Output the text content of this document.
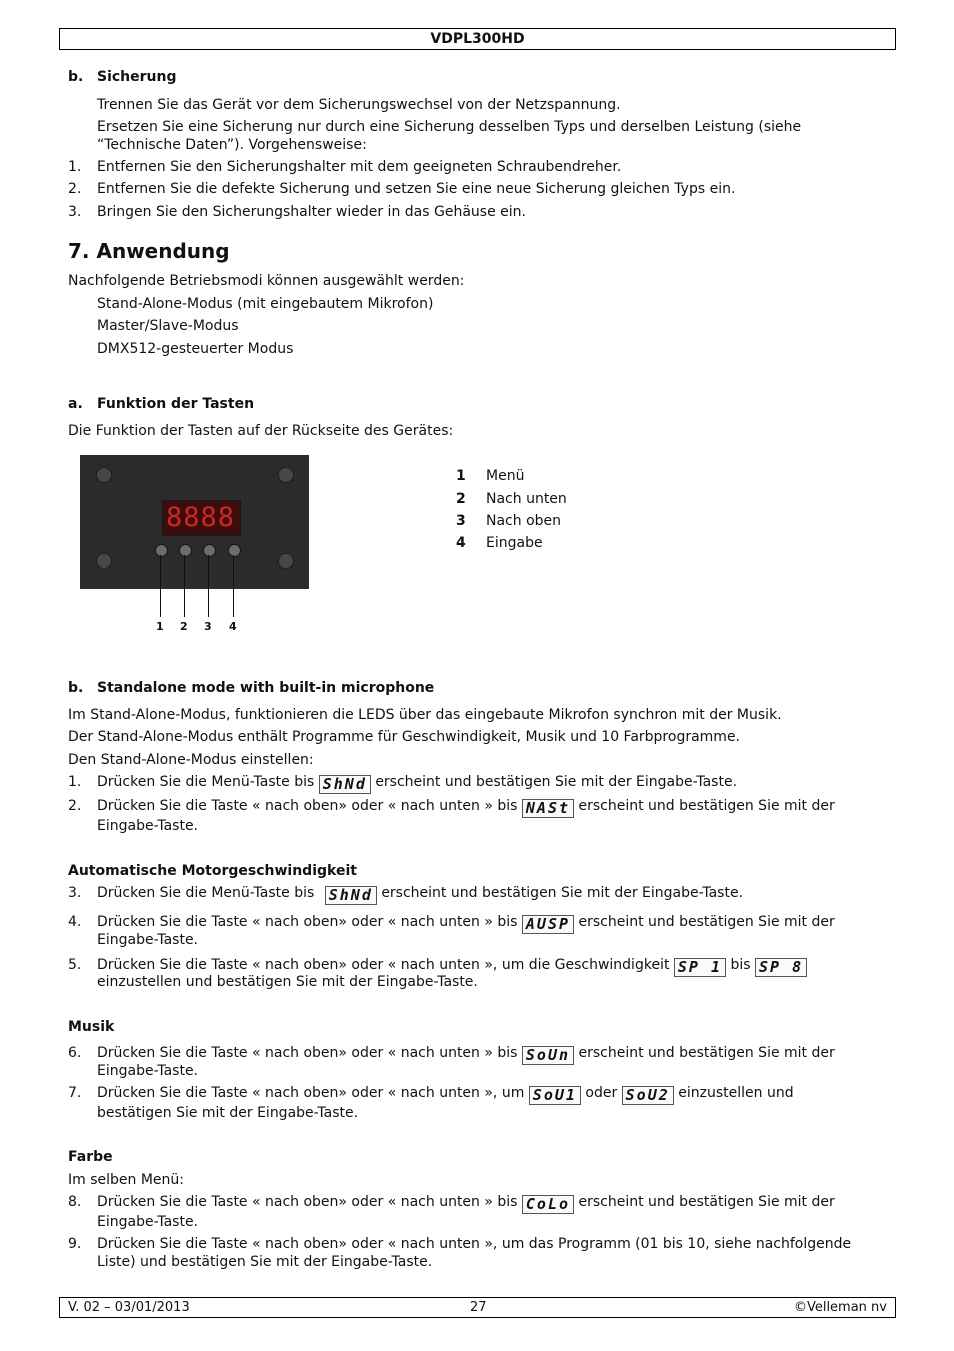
VDPL300HD
b. Sicherung
Trennen Sie das Gerät vor dem Sicherungswechsel von der Netzspannung.
Ersetzen Sie eine Sicherung nur durch eine Sicherung desselben Typs und derselben Leistung (siehe
“Technische Daten”). Vorgehensweise:
1. Entfernen Sie den Sicherungshalter mit dem geeigneten Schraubendreher.
2. Entfernen Sie die defekte Sicherung und setzen Sie eine neue Sicherung gleichen Typs ein.
3. Bringen Sie den Sicherungshalter wieder in das Gehäuse ein.
7. Anwendung
Nachfolgende Betriebsmodi können ausgewählt werden:
Stand-Alone-Modus (mit eingebautem Mikrofon)
Master/Slave-Modus
DMX512-gesteuerter Modus
a. Funktion der Tasten
Die Funktion der Tasten auf der Rückseite des Gerätes:
8888
1 2 3 4
1 Menü
2 Nach unten
3 Nach oben
4 Eingabe
b. Standalone mode with built-in microphone
Im Stand-Alone-Modus, funktionieren die LEDS über das eingebaute Mikrofon synchron mit der Musik.
Der Stand-Alone-Modus enthält Programme für Geschwindigkeit, Musik und 10 Farbprogramme.
Den Stand-Alone-Modus einstellen:
1. Drücken Sie die Menü-Taste bis ShNd erscheint und bestätigen Sie mit der Eingabe-Taste.
2. Drücken Sie die Taste « nach oben» oder « nach unten » bis NASt erscheint und bestätigen Sie mit der
Eingabe-Taste.
Automatische Motorgeschwindigkeit
3. Drücken Sie die Menü-Taste bis ShNd erscheint und bestätigen Sie mit der Eingabe-Taste.
4. Drücken Sie die Taste « nach oben» oder « nach unten » bis AUSP erscheint und bestätigen Sie mit der
Eingabe-Taste.
5. Drücken Sie die Taste « nach oben» oder « nach unten », um die Geschwindigkeit SP 1 bis SP 8
einzustellen und bestätigen Sie mit der Eingabe-Taste.
Musik
6. Drücken Sie die Taste « nach oben» oder « nach unten » bis SoUn erscheint und bestätigen Sie mit der
Eingabe-Taste.
7. Drücken Sie die Taste « nach oben» oder « nach unten », um SoU1 oder SoU2 einzustellen und
bestätigen Sie mit der Eingabe-Taste.
Farbe
Im selben Menü:
8. Drücken Sie die Taste « nach oben» oder « nach unten » bis CoLo erscheint und bestätigen Sie mit der
Eingabe-Taste.
9. Drücken Sie die Taste « nach oben» oder « nach unten », um das Programm (01 bis 10, siehe nachfolgende
Liste) und bestätigen Sie mit der Eingabe-Taste.
V. 02 – 03/01/2013	27	©Velleman nv
